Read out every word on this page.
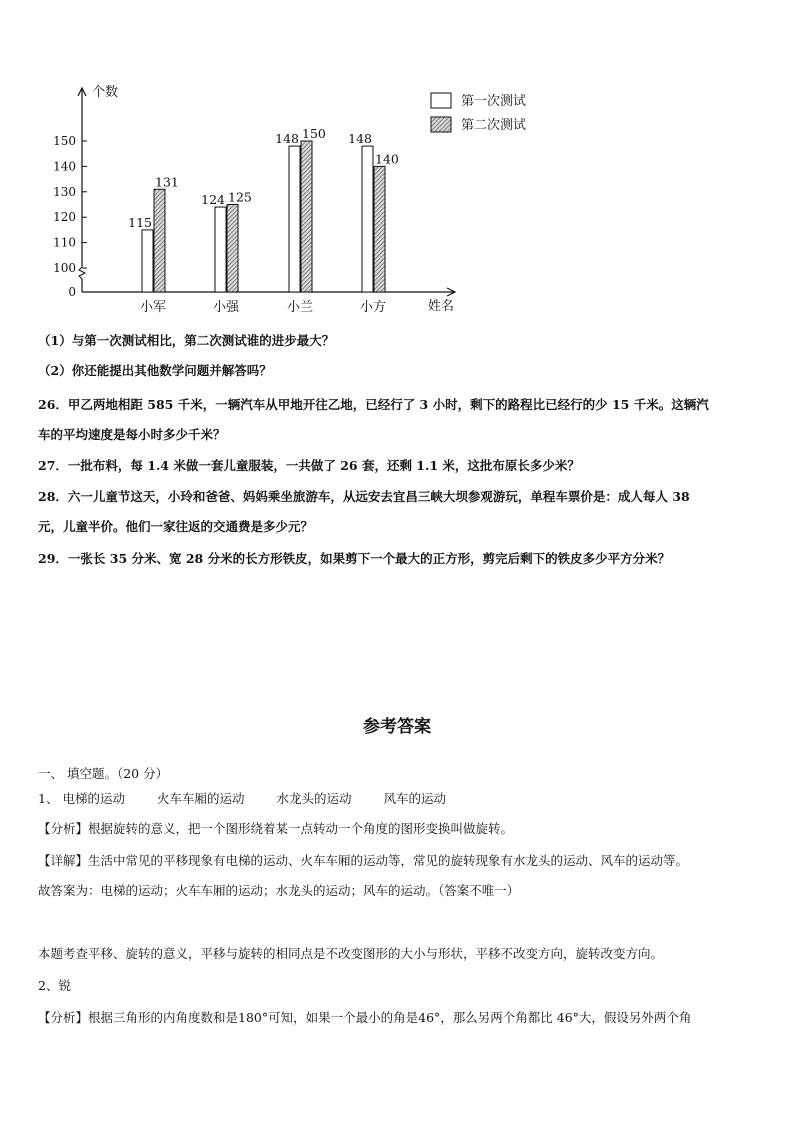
0
100
110
120
130
140
150
个数
姓名
115
131
小军
124 125
小强
148 150
小兰
148
140
小方
第一次测试
第二次测试
（1）与第一次测试相比，第二次测试谁的进步最大？
（2）你还能提出其他数学问题并解答吗？
26．甲乙两地相距 585 千米，一辆汽车从甲地开往乙地，已经行了 3 小时，剩下的路程比已经行的少 15 千米。这辆汽
车的平均速度是每小时多少千米？
27．一批布料，每 1.4 米做一套儿童服装，一共做了 26 套，还剩 1.1 米，这批布原长多少米？
28．六一儿童节这天，小玲和爸爸、妈妈乘坐旅游车，从远安去宜昌三峡大坝参观游玩，单程车票价是：成人每人 38
元，儿童半价。他们一家往返的交通费是多少元？
29．一张长 35 分米、宽 28 分米的长方形铁皮，如果剪下一个最大的正方形，剪完后剩下的铁皮多少平方分米？
参考答案
一、 填空题。（20 分）
1、 电梯的运动	火车车厢的运动	水龙头的运动	风车的运动
【分析】根据旋转的意义，把一个图形绕着某一点转动一个角度的图形变换叫做旋转。
【详解】生活中常见的平移现象有电梯的运动、火车车厢的运动等，常见的旋转现象有水龙头的运动、风车的运动等。
故答案为：电梯的运动；火车车厢的运动；水龙头的运动；风车的运动。（答案不唯一）
本题考查平移、旋转的意义，平移与旋转的相同点是不改变图形的大小与形状，平移不改变方向，旋转改变方向。
2、锐
【分析】根据三角形的内角度数和是180°可知，如果一个最小的角是46°，那么另两个角都比 46°大，假设另外两个角
